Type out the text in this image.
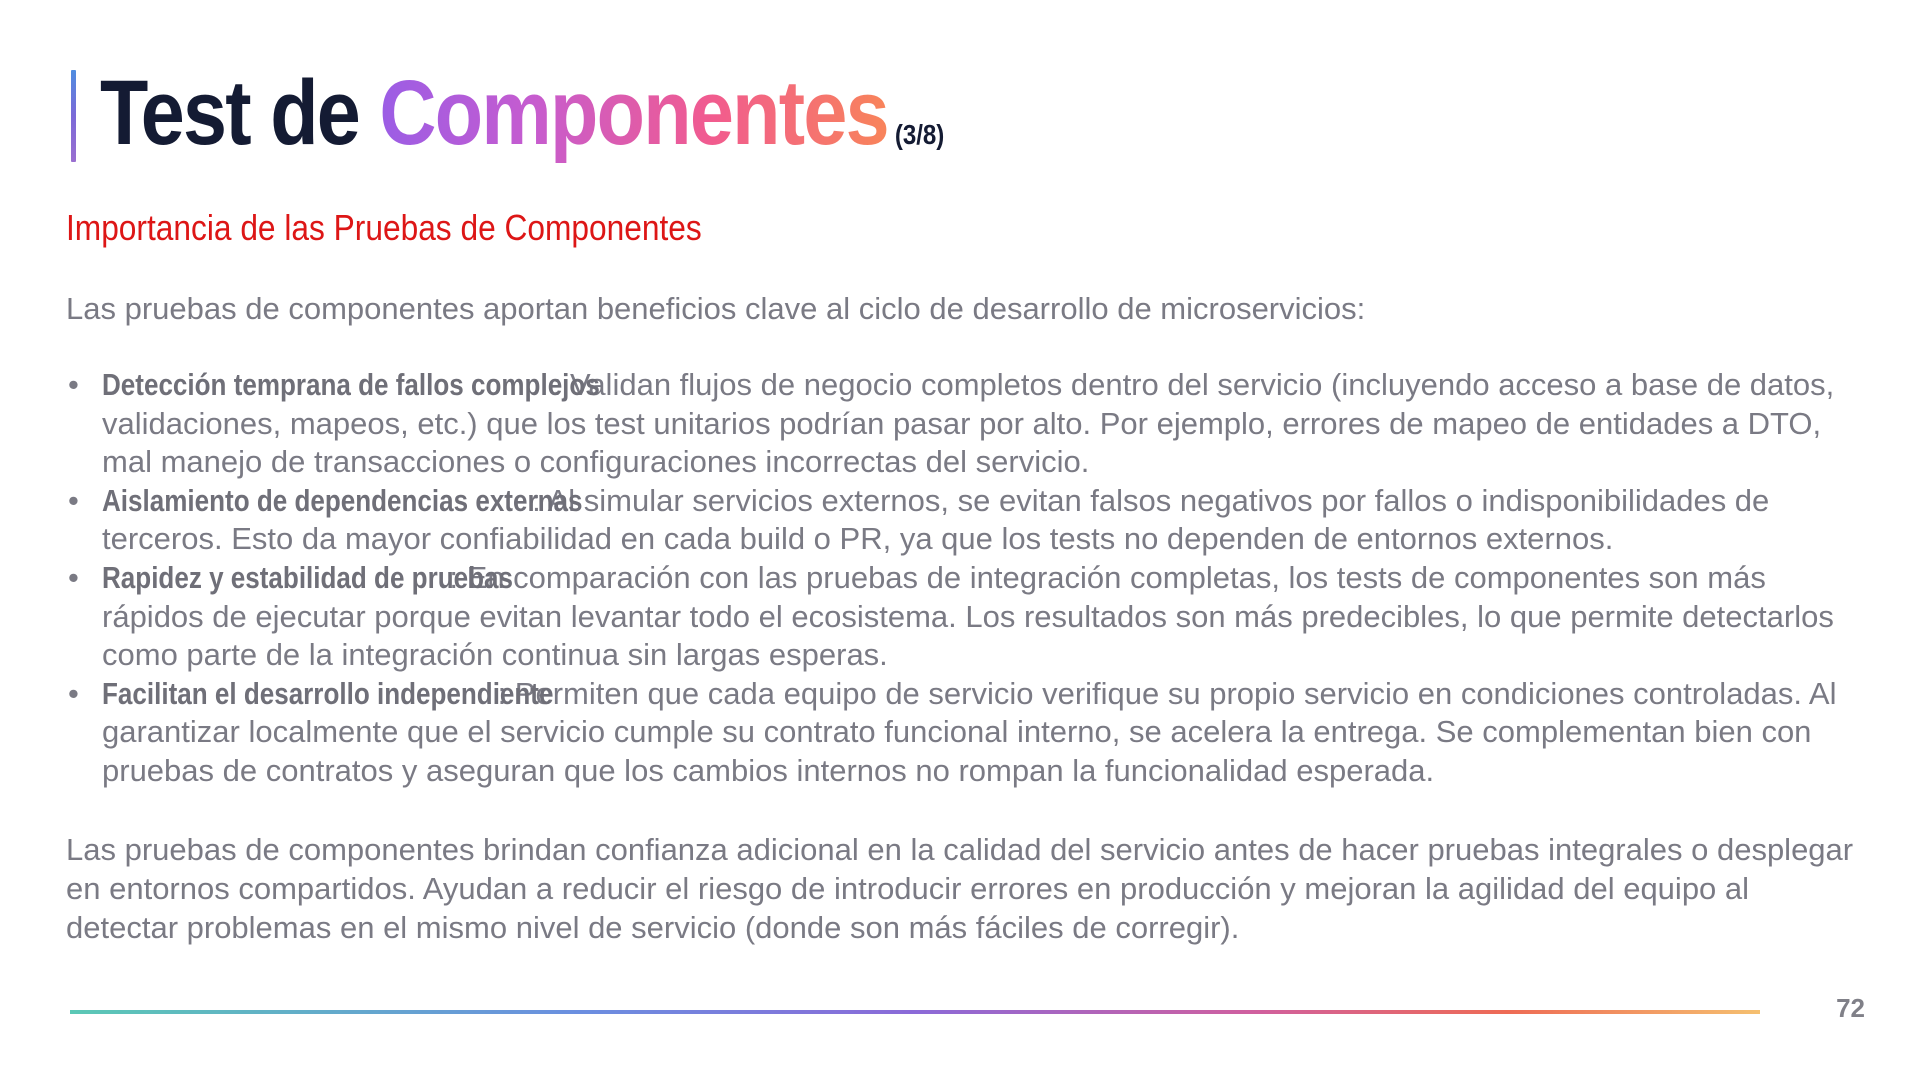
Test de Componentes (3/8)
Importancia de las Pruebas de Componentes
Las pruebas de componentes aportan beneficios clave al ciclo de desarrollo de microservicios:
• Detección temprana de fallos complejos: Validan flujos de negocio completos dentro del servicio (incluyendo acceso a base de datos, validaciones, mapeos, etc.) que los test unitarios podrían pasar por alto. Por ejemplo, errores de mapeo de entidades a DTO, mal manejo de transacciones o configuraciones incorrectas del servicio.
• Aislamiento de dependencias externas: Al simular servicios externos, se evitan falsos negativos por fallos o indisponibilidades de terceros. Esto da mayor confiabilidad en cada build o PR, ya que los tests no dependen de entornos externos.
• Rapidez y estabilidad de pruebas: En comparación con las pruebas de integración completas, los tests de componentes son más rápidos de ejecutar porque evitan levantar todo el ecosistema. Los resultados son más predecibles, lo que permite detectarlos como parte de la integración continua sin largas esperas.
• Facilitan el desarrollo independiente: Permiten que cada equipo de servicio verifique su propio servicio en condiciones controladas. Al garantizar localmente que el servicio cumple su contrato funcional interno, se acelera la entrega. Se complementan bien con pruebas de contratos y aseguran que los cambios internos no rompan la funcionalidad esperada.
Las pruebas de componentes brindan confianza adicional en la calidad del servicio antes de hacer pruebas integrales o desplegar en entornos compartidos. Ayudan a reducir el riesgo de introducir errores en producción y mejoran la agilidad del equipo al detectar problemas en el mismo nivel de servicio (donde son más fáciles de corregir).
72
